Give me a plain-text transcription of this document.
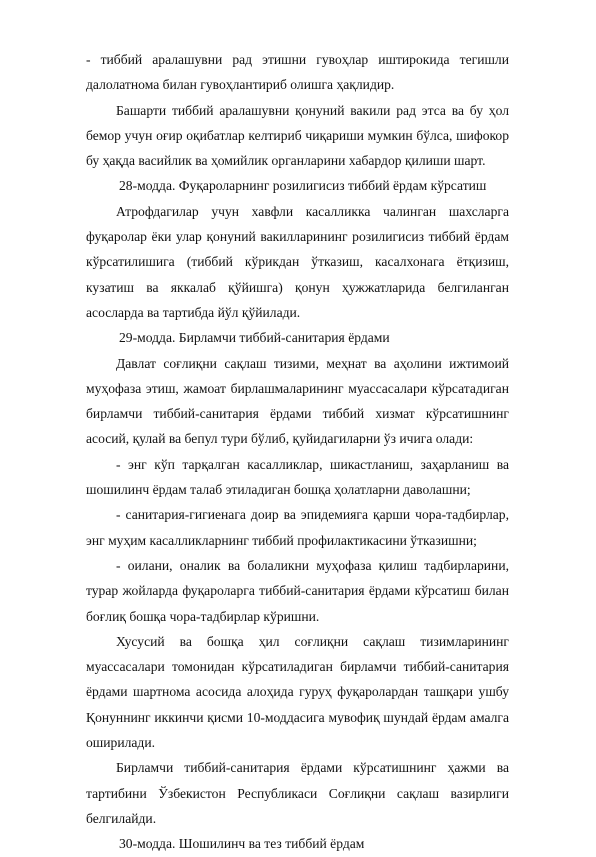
- тиббий аралашувни рад этишни гувоҳлар иштирокида тегишли далолатнома билан гувоҳлантириб олишга ҳақлидир.

Башарти тиббий аралашувни қонуний вакили рад этса ва бу ҳол бемор учун оғир оқибатлар келтириб чиқариши мумкин бўлса, шифокор бу ҳақда васийлик ва ҳомийлик органларини хабардор қилиши шарт.

28-модда. Фуқароларнинг розилигисиз тиббий ёрдам кўрсатиш

Атрофдагилар учун хавфли касалликка чалинган шахсларга фуқаролар ёки улар қонуний вакилларининг розилигисиз тиббий ёрдам кўрсатилишига (тиббий кўрикдан ўтказиш, касалхонага ётқизиш, кузатиш ва яккалаб қўйишга) қонун ҳужжатларида белгиланган асосларда ва тартибда йўл қўйилади.

29-модда. Бирламчи тиббий-санитария ёрдами

Давлат соғлиқни сақлаш тизими, меҳнат ва аҳолини ижтимоий муҳофаза этиш, жамоат бирлашмаларининг муассасалари кўрсатадиган бирламчи тиббий-санитария ёрдами тиббий хизмат кўрсатишнинг асосий, қулай ва бепул тури бўлиб, қуйидагиларни ўз ичига олади:

- энг кўп тарқалган касалликлар, шикастланиш, заҳарланиш ва шошилинч ёрдам талаб этиладиган бошқа ҳолатларни даволашни;

- санитария-гигиенага доир ва эпидемияга қарши чора-тадбирлар, энг муҳим касалликларнинг тиббий профилактикасини ўтказишни;

- оилани, оналик ва болаликни муҳофаза қилиш тадбирларини, турар жойларда фуқароларга тиббий-санитария ёрдами кўрсатиш билан боғлиқ бошқа чора-тадбирлар кўришни.

Хусусий ва бошқа ҳил соғлиқни сақлаш тизимларининг муассасалари томонидан кўрсатиладиган бирламчи тиббий-санитария ёрдами шартнома асосида алоҳида гуруҳ фуқаролардан ташқари ушбу Қонуннинг иккинчи қисми 10-моддасига мувофиқ шундай ёрдам амалга оширилади.

Бирламчи тиббий-санитария ёрдами кўрсатишнинг ҳажми ва тартибини Ўзбекистон Республикаси Соғлиқни сақлаш вазирлиги белгилайди.

30-модда. Шошилинч ва тез тиббий ёрдам
